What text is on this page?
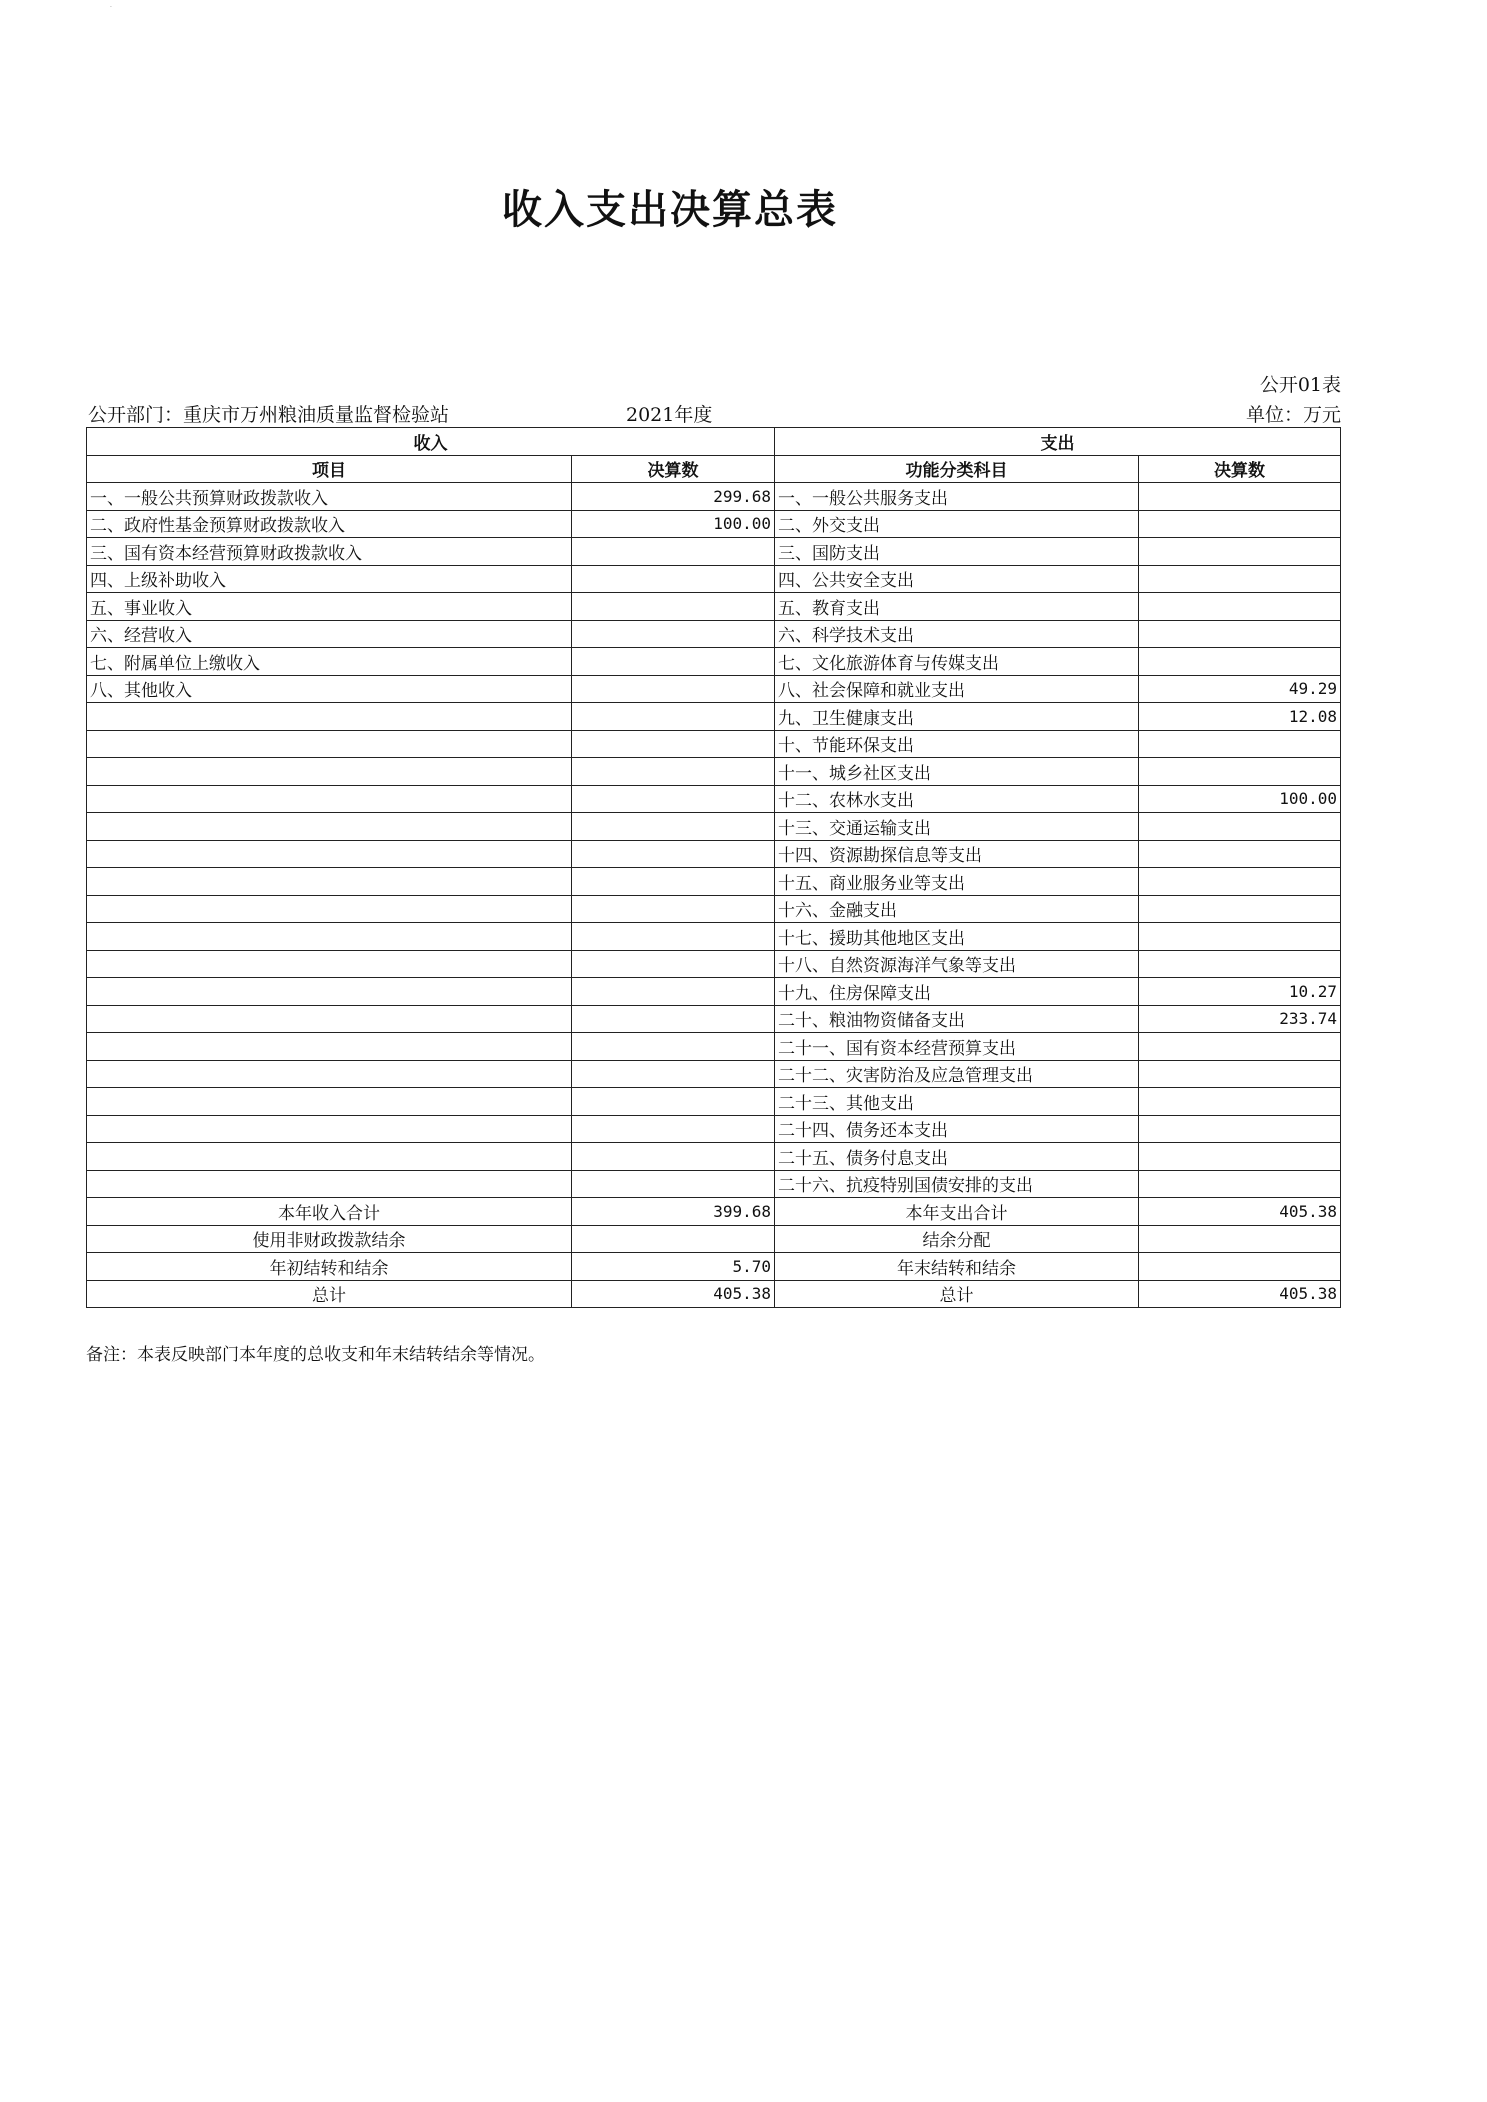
·
收入支出决算总表
公开01表
公开部门：重庆市万州粮油质量监督检验站	2021年度	单位：万元
收入		支出	
项目	决算数	功能分类科目	决算数
一、一般公共预算财政拨款收入	299.68	一、一般公共服务支出	
二、政府性基金预算财政拨款收入	100.00	二、外交支出	
三、国有资本经营预算财政拨款收入		三、国防支出	
四、上级补助收入		四、公共安全支出	
五、事业收入		五、教育支出	
六、经营收入		六、科学技术支出	
七、附属单位上缴收入		七、文化旅游体育与传媒支出	
八、其他收入		八、社会保障和就业支出	49.29
		九、卫生健康支出	12.08
		十、节能环保支出	
		十一、城乡社区支出	
		十二、农林水支出	100.00
		十三、交通运输支出	
		十四、资源勘探信息等支出	
		十五、商业服务业等支出	
		十六、金融支出	
		十七、援助其他地区支出	
		十八、自然资源海洋气象等支出	
		十九、住房保障支出	10.27
		二十、粮油物资储备支出	233.74
		二十一、国有资本经营预算支出	
		二十二、灾害防治及应急管理支出	
		二十三、其他支出	
		二十四、债务还本支出	
		二十五、债务付息支出	
		二十六、抗疫特别国债安排的支出	
本年收入合计	399.68	本年支出合计	405.38
使用非财政拨款结余		结余分配	
年初结转和结余	5.70	年末结转和结余	
总计	405.38	总计	405.38
备注：本表反映部门本年度的总收支和年末结转结余等情况。
